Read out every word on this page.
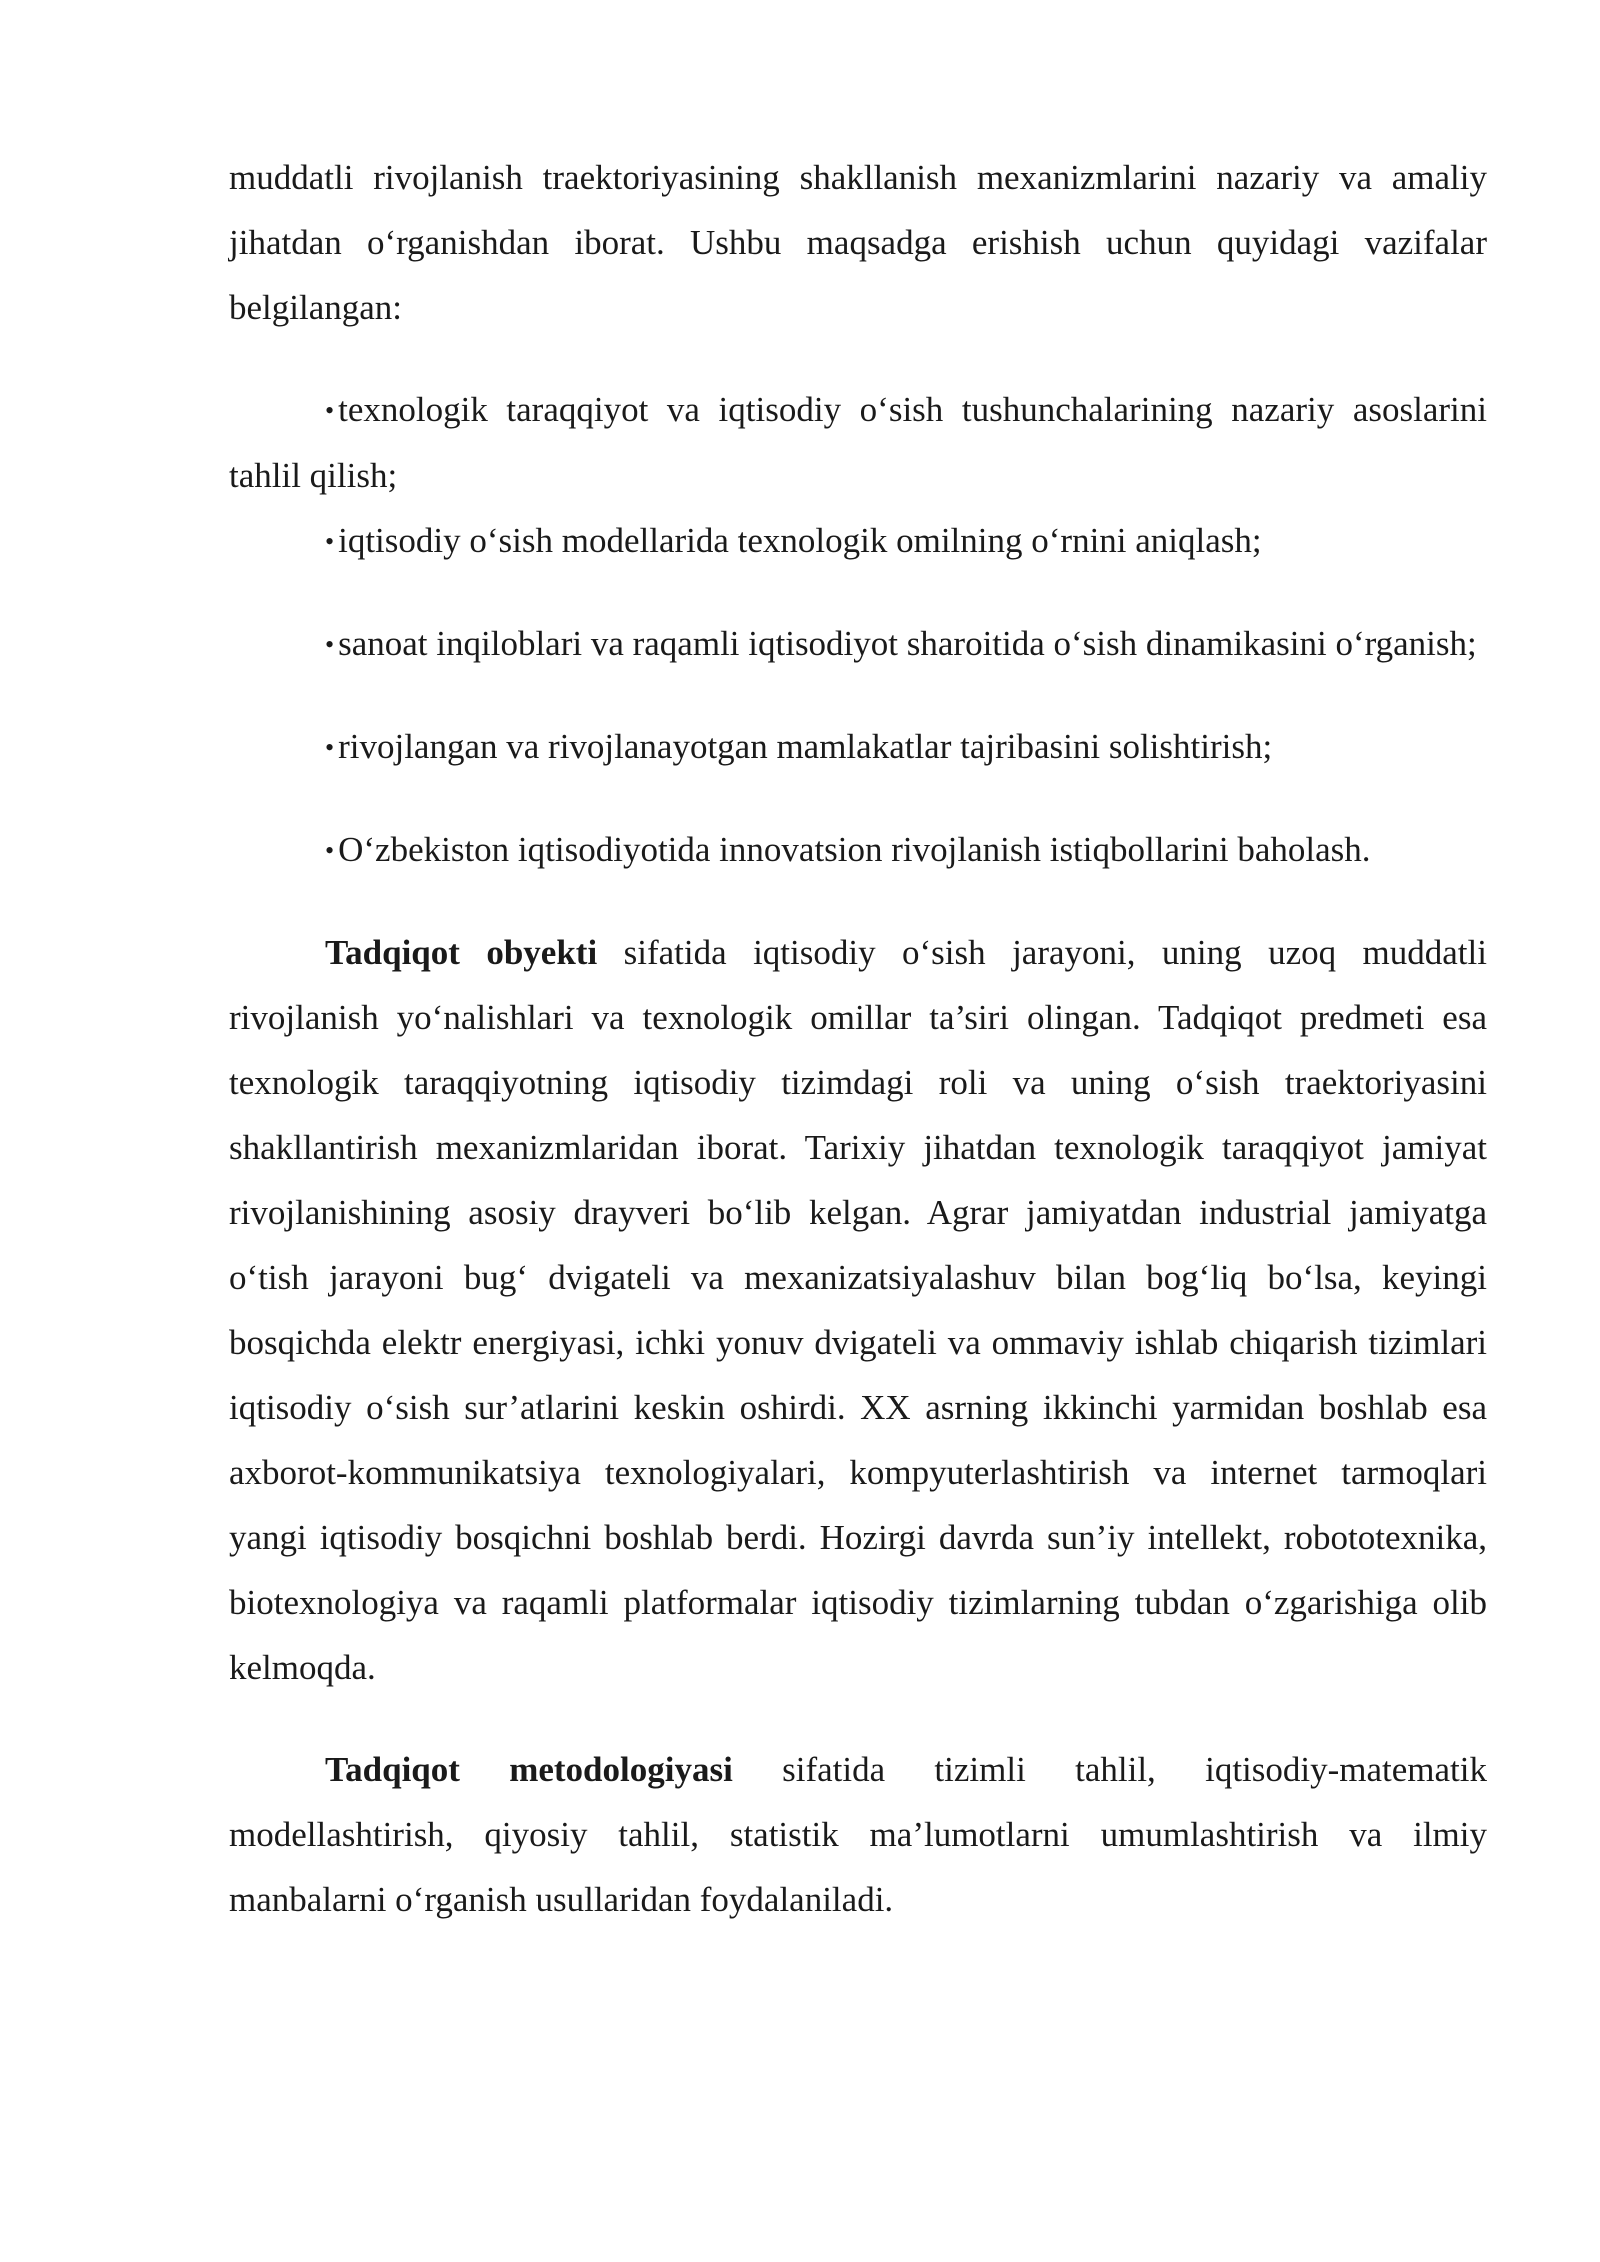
muddatli rivojlanish traektoriyasining shakllanish mexanizmlarini nazariy va amaliy jihatdan o‘rganishdan iborat. Ushbu maqsadga erishish uchun quyidagi vazifalar belgilangan:

• texnologik taraqqiyot va iqtisodiy o‘sish tushunchalarining nazariy asoslarini tahlil qilish;

• iqtisodiy o‘sish modellarida texnologik omilning o‘rnini aniqlash;

• sanoat inqiloblari va raqamli iqtisodiyot sharoitida o‘sish dinamikasini o‘rganish;

• rivojlangan va rivojlanayotgan mamlakatlar tajribasini solishtirish;

• O‘zbekiston iqtisodiyotida innovatsion rivojlanish istiqbollarini baholash.

Tadqiqot obyekti sifatida iqtisodiy o‘sish jarayoni, uning uzoq muddatli rivojlanish yo‘nalishlari va texnologik omillar ta’siri olingan. Tadqiqot predmeti esa texnologik taraqqiyotning iqtisodiy tizimdagi roli va uning o‘sish traektoriyasini shakllantirish mexanizmlaridan iborat. Tarixiy jihatdan texnologik taraqqiyot jamiyat rivojlanishining asosiy drayveri bo‘lib kelgan. Agrar jamiyatdan industrial jamiyatga o‘tish jarayoni bug‘ dvigateli va mexanizatsiyalashuv bilan bog‘liq bo‘lsa, keyingi bosqichda elektr energiyasi, ichki yonuv dvigateli va ommaviy ishlab chiqarish tizimlari iqtisodiy o‘sish sur’atlarini keskin oshirdi. XX asrning ikkinchi yarmidan boshlab esa axborot-kommunikatsiya texnologiyalari, kompyuterlashtirish va internet tarmoqlari yangi iqtisodiy bosqichni boshlab berdi. Hozirgi davrda sun’iy intellekt, robototexnika, biotexnologiya va raqamli platformalar iqtisodiy tizimlarning tubdan o‘zgarishiga olib kelmoqda.

Tadqiqot metodologiyasi sifatida tizimli tahlil, iqtisodiy-matematik modellashtirish, qiyosiy tahlil, statistik ma’lumotlarni umumlashtirish va ilmiy manbalarni o‘rganish usullaridan foydalaniladi.
